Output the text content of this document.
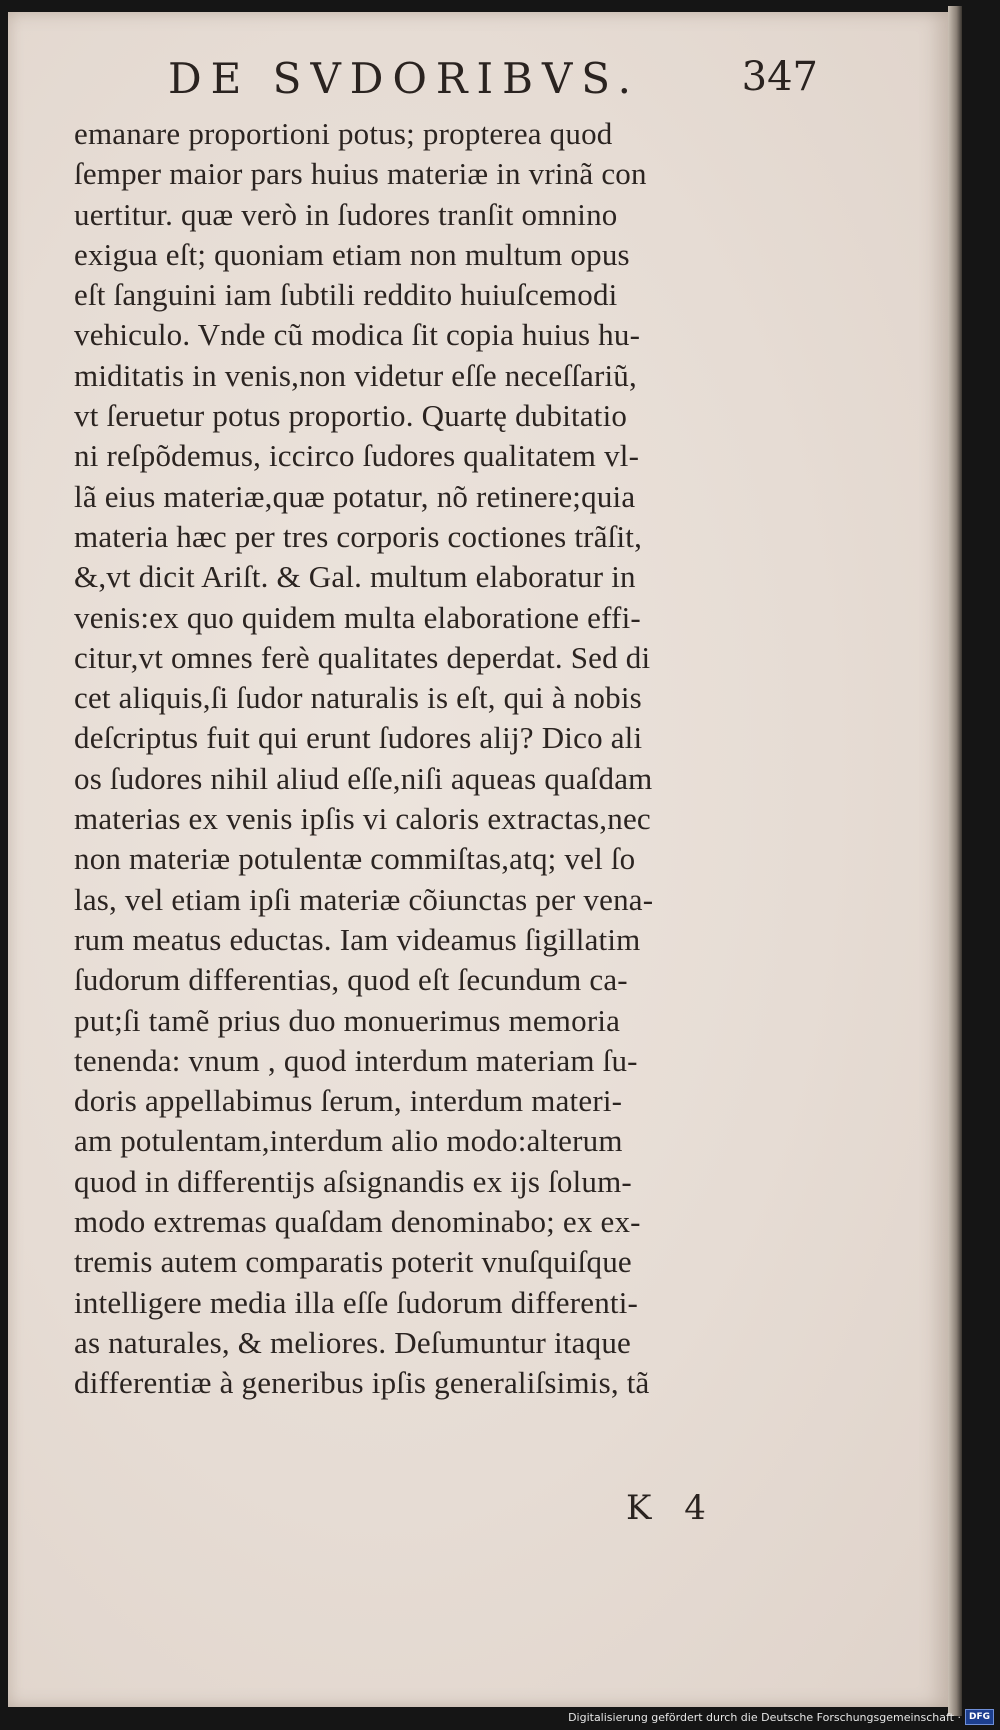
DE SVDORIBVS.	347
emanare proportioni potus; propterea quod
ſemper maior pars huius materiæ in vrinã con
uertitur. quæ verò in ſudores tranſit omnino
exigua eſt; quoniam etiam non multum opus
eſt ſanguini iam ſubtili reddito huiuſcemodi
vehiculo. Vnde cũ modica ſit copia huius hu-
miditatis in venis,non videtur eſſe neceſſariũ,
vt ſeruetur potus proportio. Quartę dubitatio
ni reſpõdemus, iccirco ſudores qualitatem vl-
lã eius materiæ,quæ potatur, nõ retinere;quia
materia hæc per tres corporis coctiones trãſit,
&,vt dicit Ariſt. & Gal. multum elaboratur in
venis:ex quo quidem multa elaboratione effi-
citur,vt omnes ferè qualitates deperdat. Sed di
cet aliquis,ſi ſudor naturalis is eſt, qui à nobis
deſcriptus fuit qui erunt ſudores alij? Dico ali
os ſudores nihil aliud eſſe,niſi aqueas quaſdam
materias ex venis ipſis vi caloris extractas,nec
non materiæ potulentæ commiſtas,atq; vel ſo
las, vel etiam ipſi materiæ cõiunctas per vena-
rum meatus eductas. Iam videamus ſigillatim
ſudorum differentias, quod eſt ſecundum ca-
put;ſi tamẽ prius duo monuerimus memoria
tenenda: vnum , quod interdum materiam ſu-
doris appellabimus ſerum, interdum materi-
am potulentam,interdum alio modo:alterum
quod in differentijs aſsignandis ex ijs ſolum-
modo extremas quaſdam denominabo; ex ex-
tremis autem comparatis poterit vnuſquiſque
intelligere media illa eſſe ſudorum differenti-
as naturales, & meliores. Deſumuntur itaque
differentiæ à generibus ipſis generaliſsimis, tã
K 4
Digitalisierung gefördert durch die Deutsche Forschungsgemeinschaft · DFG
